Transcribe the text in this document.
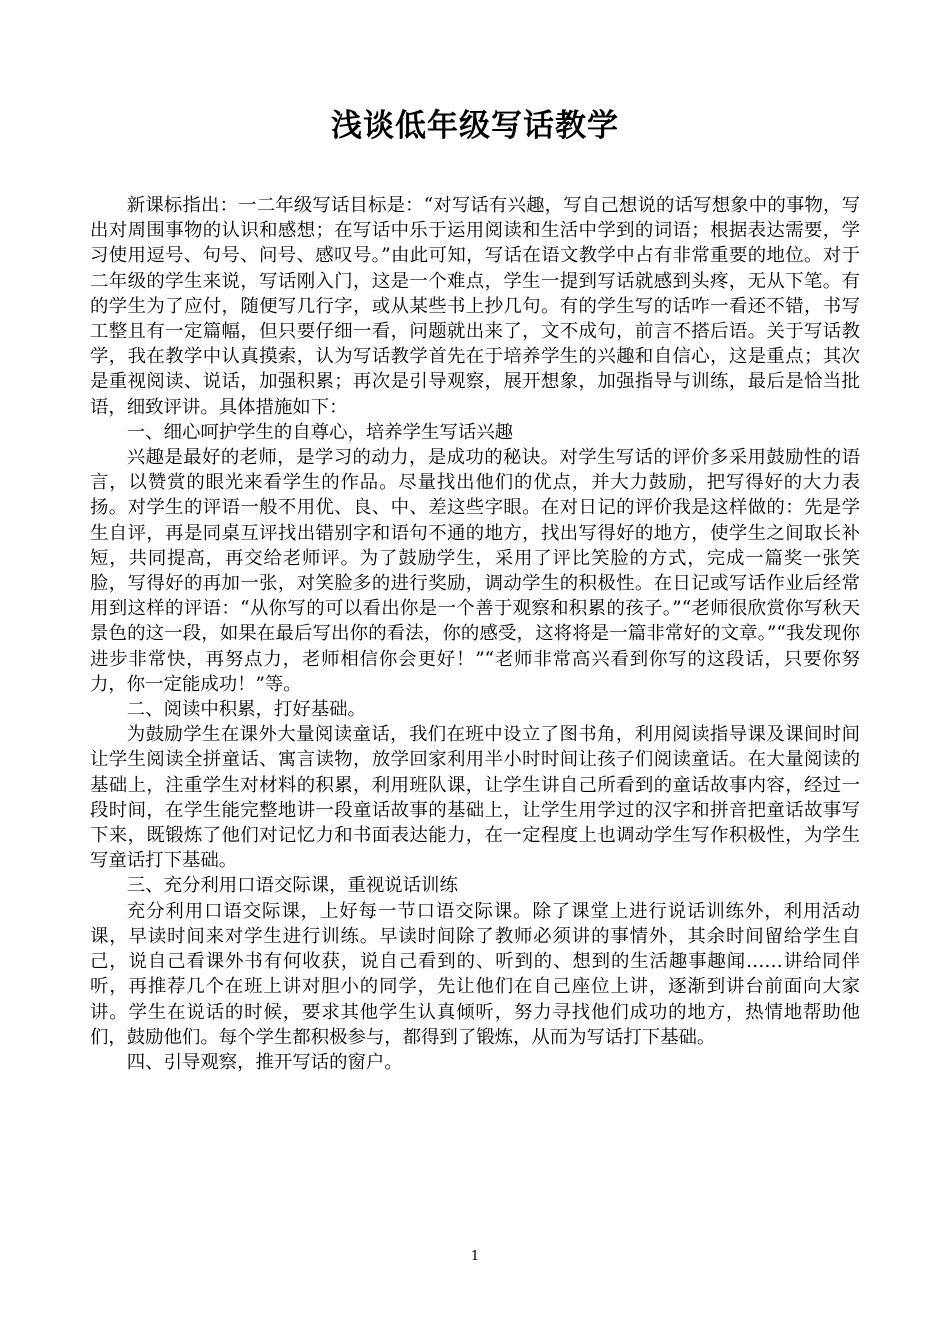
浅谈低年级写话教学

新课标指出：一二年级写话目标是：“对写话有兴趣，写自己想说的话写想象中的事物，写出对周围事物的认识和感想；在写话中乐于运用阅读和生活中学到的词语；根据表达需要，学习使用逗号、句号、问号、感叹号。”由此可知，写话在语文教学中占有非常重要的地位。对于二年级的学生来说，写话刚入门，这是一个难点，学生一提到写话就感到头疼，无从下笔。有的学生为了应付，随便写几行字，或从某些书上抄几句。有的学生写的话咋一看还不错，书写工整且有一定篇幅，但只要仔细一看，问题就出来了，文不成句，前言不搭后语。关于写话教学，我在教学中认真摸索，认为写话教学首先在于培养学生的兴趣和自信心，这是重点；其次是重视阅读、说话，加强积累；再次是引导观察，展开想象，加强指导与训练，最后是恰当批语，细致评讲。具体措施如下：

一、细心呵护学生的自尊心，培养学生写话兴趣

兴趣是最好的老师，是学习的动力，是成功的秘诀。对学生写话的评价多采用鼓励性的语言，以赞赏的眼光来看学生的作品。尽量找出他们的优点，并大力鼓励，把写得好的大力表扬。对学生的评语一般不用优、良、中、差这些字眼。在对日记的评价我是这样做的：先是学生自评，再是同桌互评找出错别字和语句不通的地方，找出写得好的地方，使学生之间取长补短，共同提高，再交给老师评。为了鼓励学生，采用了评比笑脸的方式，完成一篇奖一张笑脸，写得好的再加一张，对笑脸多的进行奖励，调动学生的积极性。在日记或写话作业后经常用到这样的评语：“从你写的可以看出你是一个善于观察和积累的孩子。”“老师很欣赏你写秋天景色的这一段，如果在最后写出你的看法，你的感受，这将将是一篇非常好的文章。”“我发现你进步非常快，再努点力，老师相信你会更好！”“老师非常高兴看到你写的这段话，只要你努力，你一定能成功！”等。

二、阅读中积累，打好基础。

为鼓励学生在课外大量阅读童话，我们在班中设立了图书角，利用阅读指导课及课间时间让学生阅读全拼童话、寓言读物，放学回家利用半小时时间让孩子们阅读童话。在大量阅读的基础上，注重学生对材料的积累，利用班队课，让学生讲自己所看到的童话故事内容，经过一段时间，在学生能完整地讲一段童话故事的基础上，让学生用学过的汉字和拼音把童话故事写下来，既锻炼了他们对记忆力和书面表达能力，在一定程度上也调动学生写作积极性，为学生写童话打下基础。

三、充分利用口语交际课，重视说话训练

充分利用口语交际课，上好每一节口语交际课。除了课堂上进行说话训练外，利用活动课，早读时间来对学生进行训练。早读时间除了教师必须讲的事情外，其余时间留给学生自己，说自己看课外书有何收获，说自己看到的、听到的、想到的生活趣事趣闻……讲给同伴听，再推荐几个在班上讲对胆小的同学，先让他们在自己座位上讲，逐渐到讲台前面向大家讲。学生在说话的时候，要求其他学生认真倾听，努力寻找他们成功的地方，热情地帮助他们，鼓励他们。每个学生都积极参与，都得到了锻炼，从而为写话打下基础。

四、引导观察，推开写话的窗户。

1
